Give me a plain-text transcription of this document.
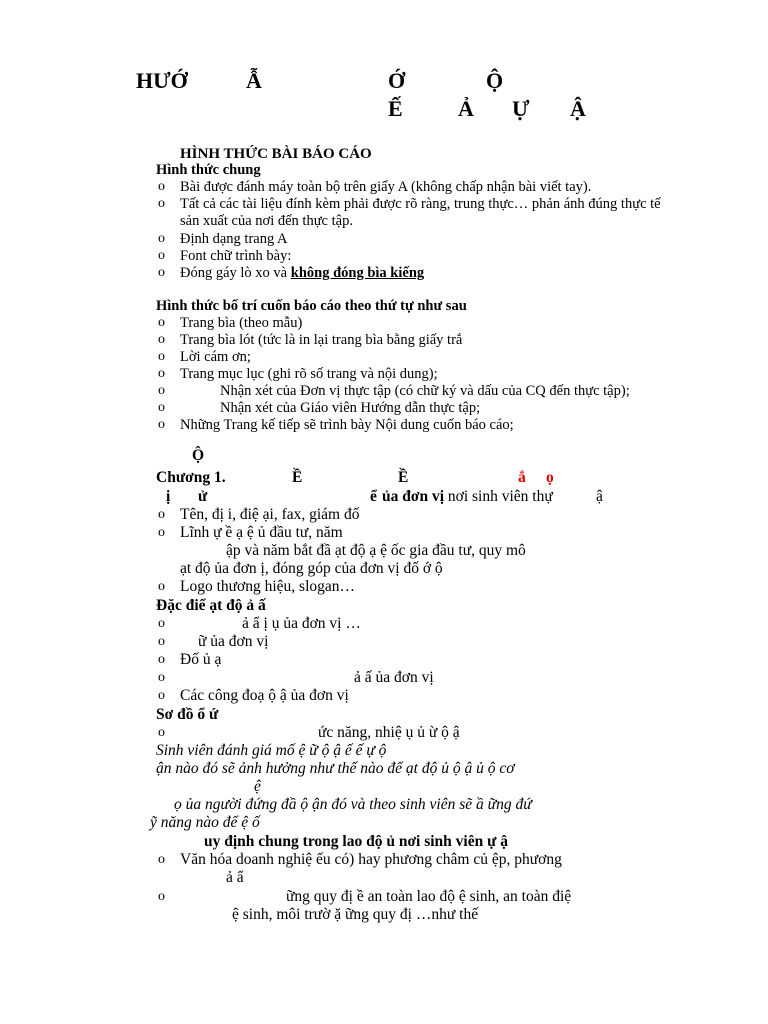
HƯỚ	Ẫ	Ớ	Ộ
Ế	Ả Ự Ậ
HÌNH THỨC BÀI BÁO CÁO
Hình thức chung
o Bài được đánh máy toàn bộ trên giấy A (không chấp nhận bài viết tay).
o Tất cả các tài liệu đính kèm phải được rõ ràng, trung thực… phản ánh đúng thực tế
sản xuất của nơi đến thực tập.
o Định dạng trang A
o Font chữ trình bày:
o Đóng gáy lò xo và không đóng bìa kiếng
Hình thức bố trí cuốn báo cáo theo thứ tự như sau
o Trang bìa (theo mẫu)
o Trang bìa lót (tức là in lại trang bìa bằng giấy trắ
o Lời cám ơn;
o Trang mục lục (ghi rõ số trang và nội dung);
o	Nhận xét của Đơn vị thực tập (có chữ ký và dấu của CQ đến thực tập);
o	Nhận xét của Giáo viên Hướng dẫn thực tập;
o Những Trang kế tiếp sẽ trình bày Nội dung cuốn báo cáo;
Ộ
Chương 1.	Ề	Ề	ắ ọ
ị ử	ể ủa đơn vị nơi sinh viên thự	ậ
o Tên, đị i, điệ ại, fax, giám đố
o Lĩnh ự ề ạ ệ ủ đầu tư, năm
ập và năm bắt đầ ạt độ ạ ệ ốc gia đầu tư, quy mô
ạt độ ủa đơn ị, đóng góp của đơn vị đố ớ ộ
o Logo thương hiệu, slogan…
Đặc điể ạt độ ả ấ
o	ả ẩ ị ụ ủa đơn vị …
o ữ ủa đơn vị
o Đố ủ ạ
o	ả ấ ủa đơn vị
o Các công đoạ ộ ậ ủa đơn vị
Sơ đồ ổ ứ
o	ức năng, nhiệ ụ ủ ừ ộ ậ
Sinh viên đánh giá mố ệ ữ ộ ậ ế ế ự ộ
ận nào đó sẽ ảnh hưởng như thế nào để ạt độ ủ ộ ậ ủ ộ cơ
ệ
ọ ủa người đứng đầ ộ ận đó và theo sinh viên sẽ ầ ững đứ
ỹ năng nào để ệ ố
uy định chung trong lao độ ủ nơi sinh viên ự ậ
o Văn hóa doanh nghiệ ếu có) hay phương châm củ ệp, phương
ả ẩ
o	ững quy đị ề an toàn lao độ ệ sinh, an toàn điệ
ệ sinh, môi trườ ặ ững quy đị …như thế
